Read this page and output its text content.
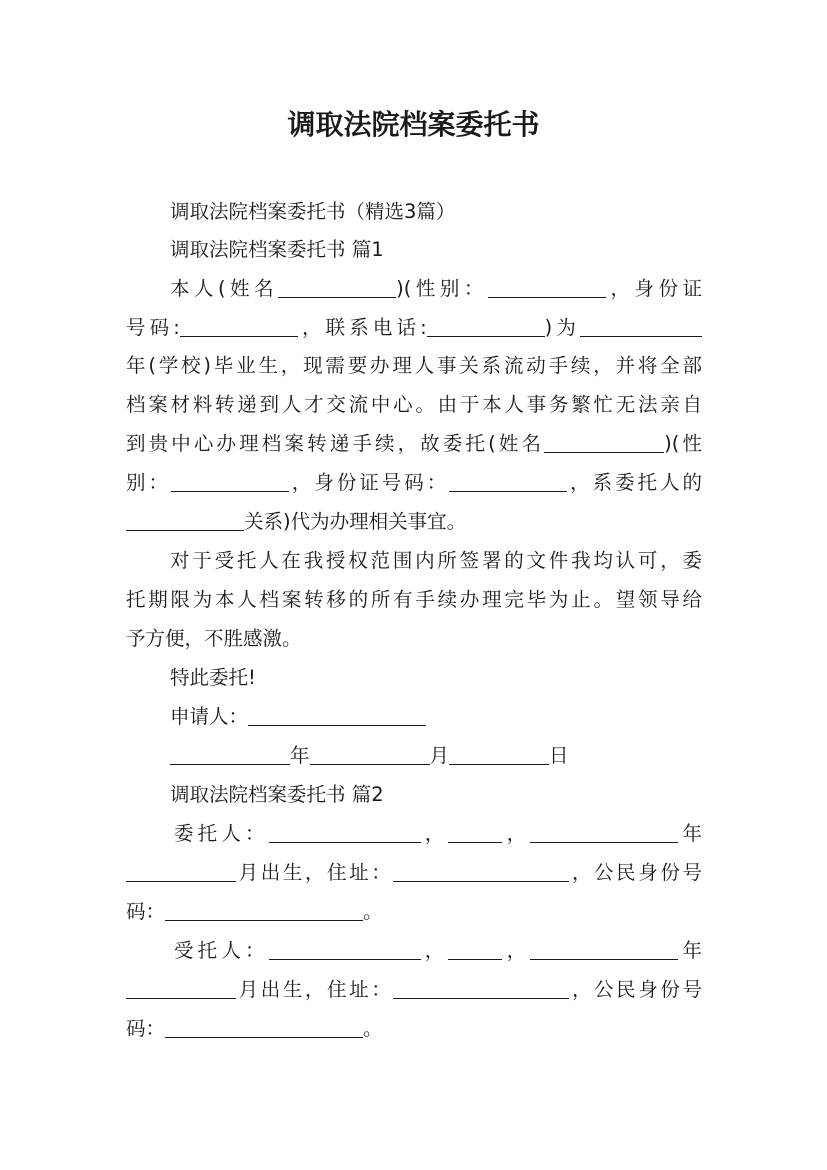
调取法院档案委托书

调取法院档案委托书（精选3篇）

调取法院档案委托书 篇1

本人(姓名	)(性别：	，身份证

号码:	，联系电话:	)为

年(学校)毕业生，现需要办理人事关系流动手续，并将全部

档案材料转递到人才交流中心。由于本人事务繁忙无法亲自

到贵中心办理档案转递手续，故委托(姓名	)(性

别：	，身份证号码：	，系委托人的

关系)代为办理相关事宜。

对于受托人在我授权范围内所签署的文件我均认可，委

托期限为本人档案转移的所有手续办理完毕为止。望领导给

予方便，不胜感激。

特此委托!

申请人：

年	月	日

调取法院档案委托书 篇2

委托人：	，	，	年

月出生，住址：	，公民身份号

码：	。

受托人：	，	，	年

月出生，住址：	，公民身份号

码：	。
